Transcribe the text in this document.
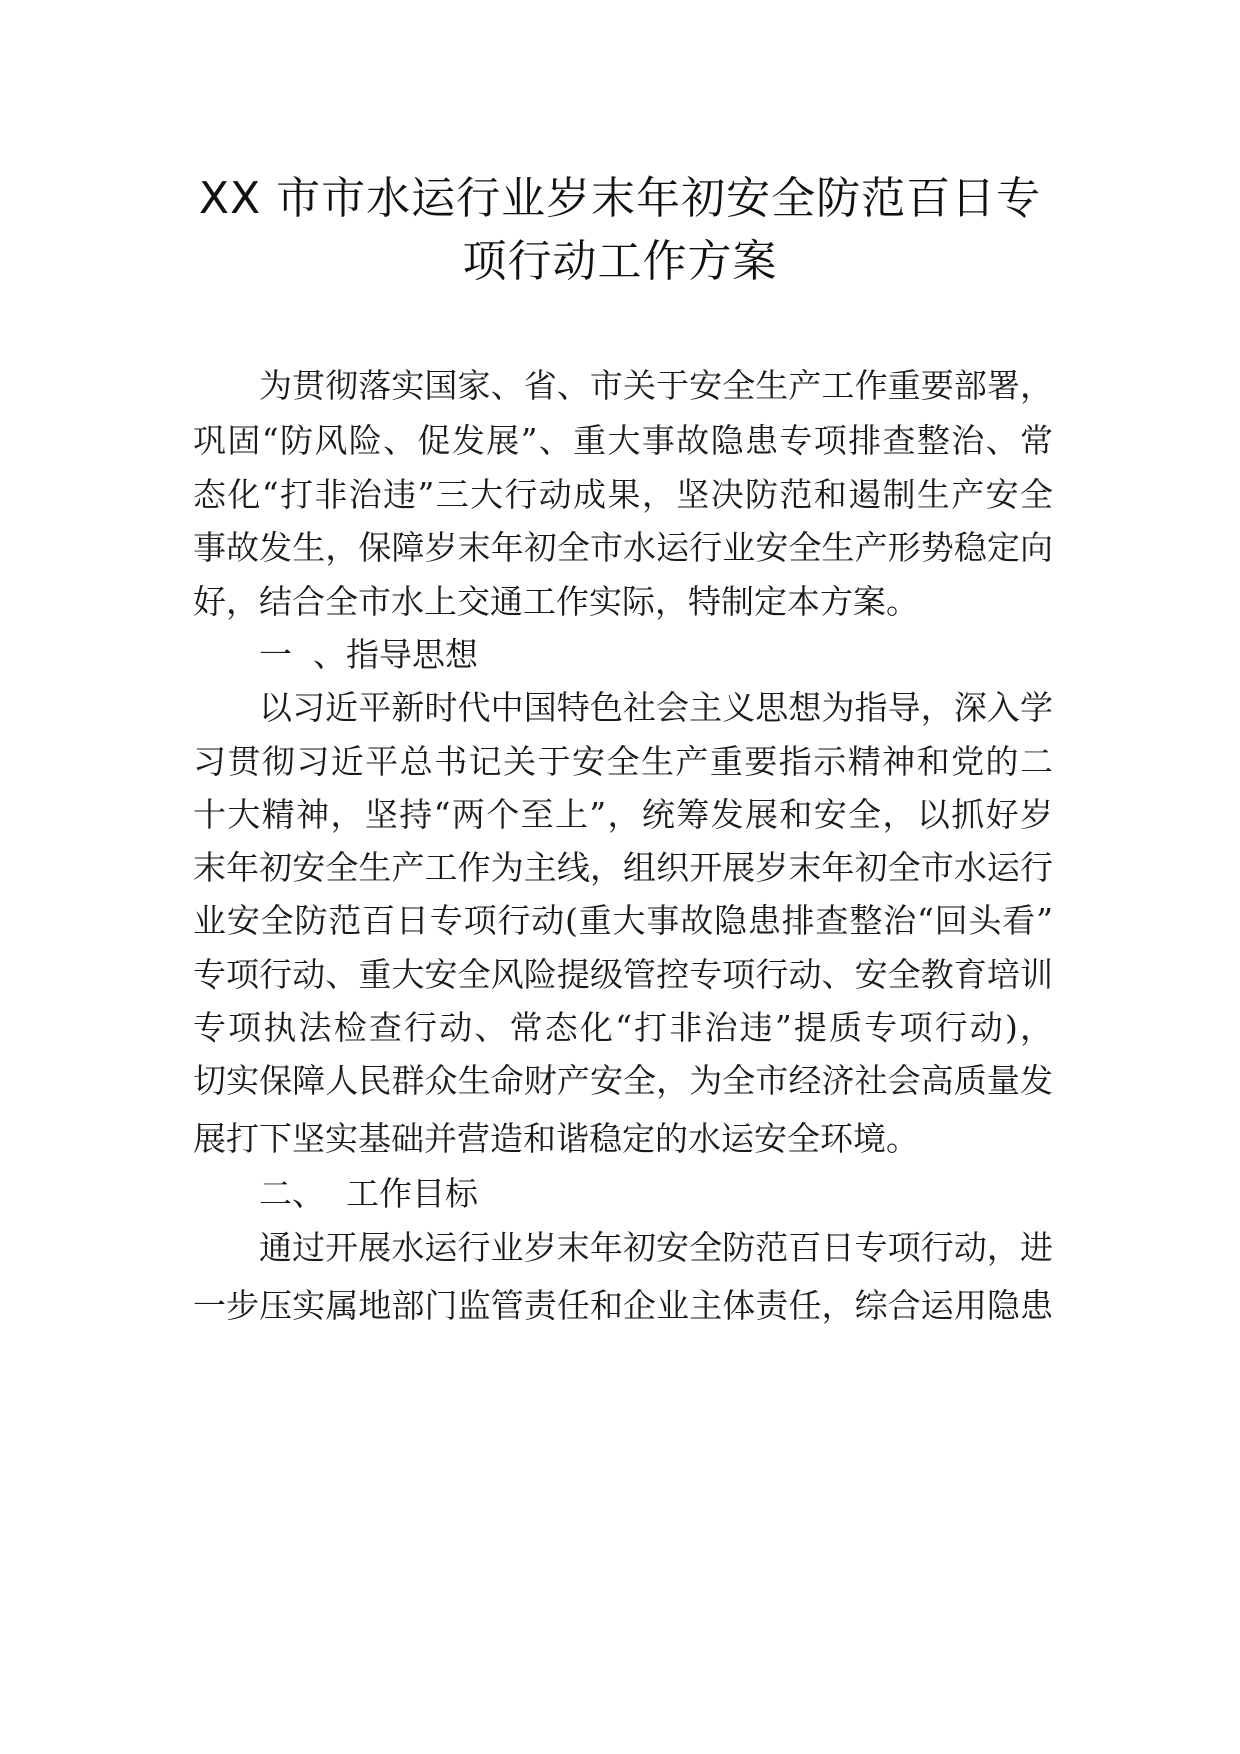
XX 市市水运行业岁末年初安全防范百日专
项行动工作方案
为贯彻落实国家、省、市关于安全生产工作重要部署，
巩固“防风险、促发展”、重大事故隐患专项排查整治、常
态化“打非治违”三大行动成果，坚决防范和遏制生产安全
事故发生，保障岁末年初全市水运行业安全生产形势稳定向
好，结合全市水上交通工作实际，特制定本方案。
一  、指导思想
以习近平新时代中国特色社会主义思想为指导，深入学
习贯彻习近平总书记关于安全生产重要指示精神和党的二
十大精神，坚持“两个至上”，统筹发展和安全，以抓好岁
末年初安全生产工作为主线，组织开展岁末年初全市水运行
业安全防范百日专项行动(重大事故隐患排查整治“回头看”
专项行动、重大安全风险提级管控专项行动、安全教育培训
专项执法检查行动、常态化“打非治违”提质专项行动)，
切实保障人民群众生命财产安全，为全市经济社会高质量发
展打下坚实基础并营造和谐稳定的水运安全环境。
二、  工作目标
通过开展水运行业岁末年初安全防范百日专项行动，进
一步压实属地部门监管责任和企业主体责任，综合运用隐患
